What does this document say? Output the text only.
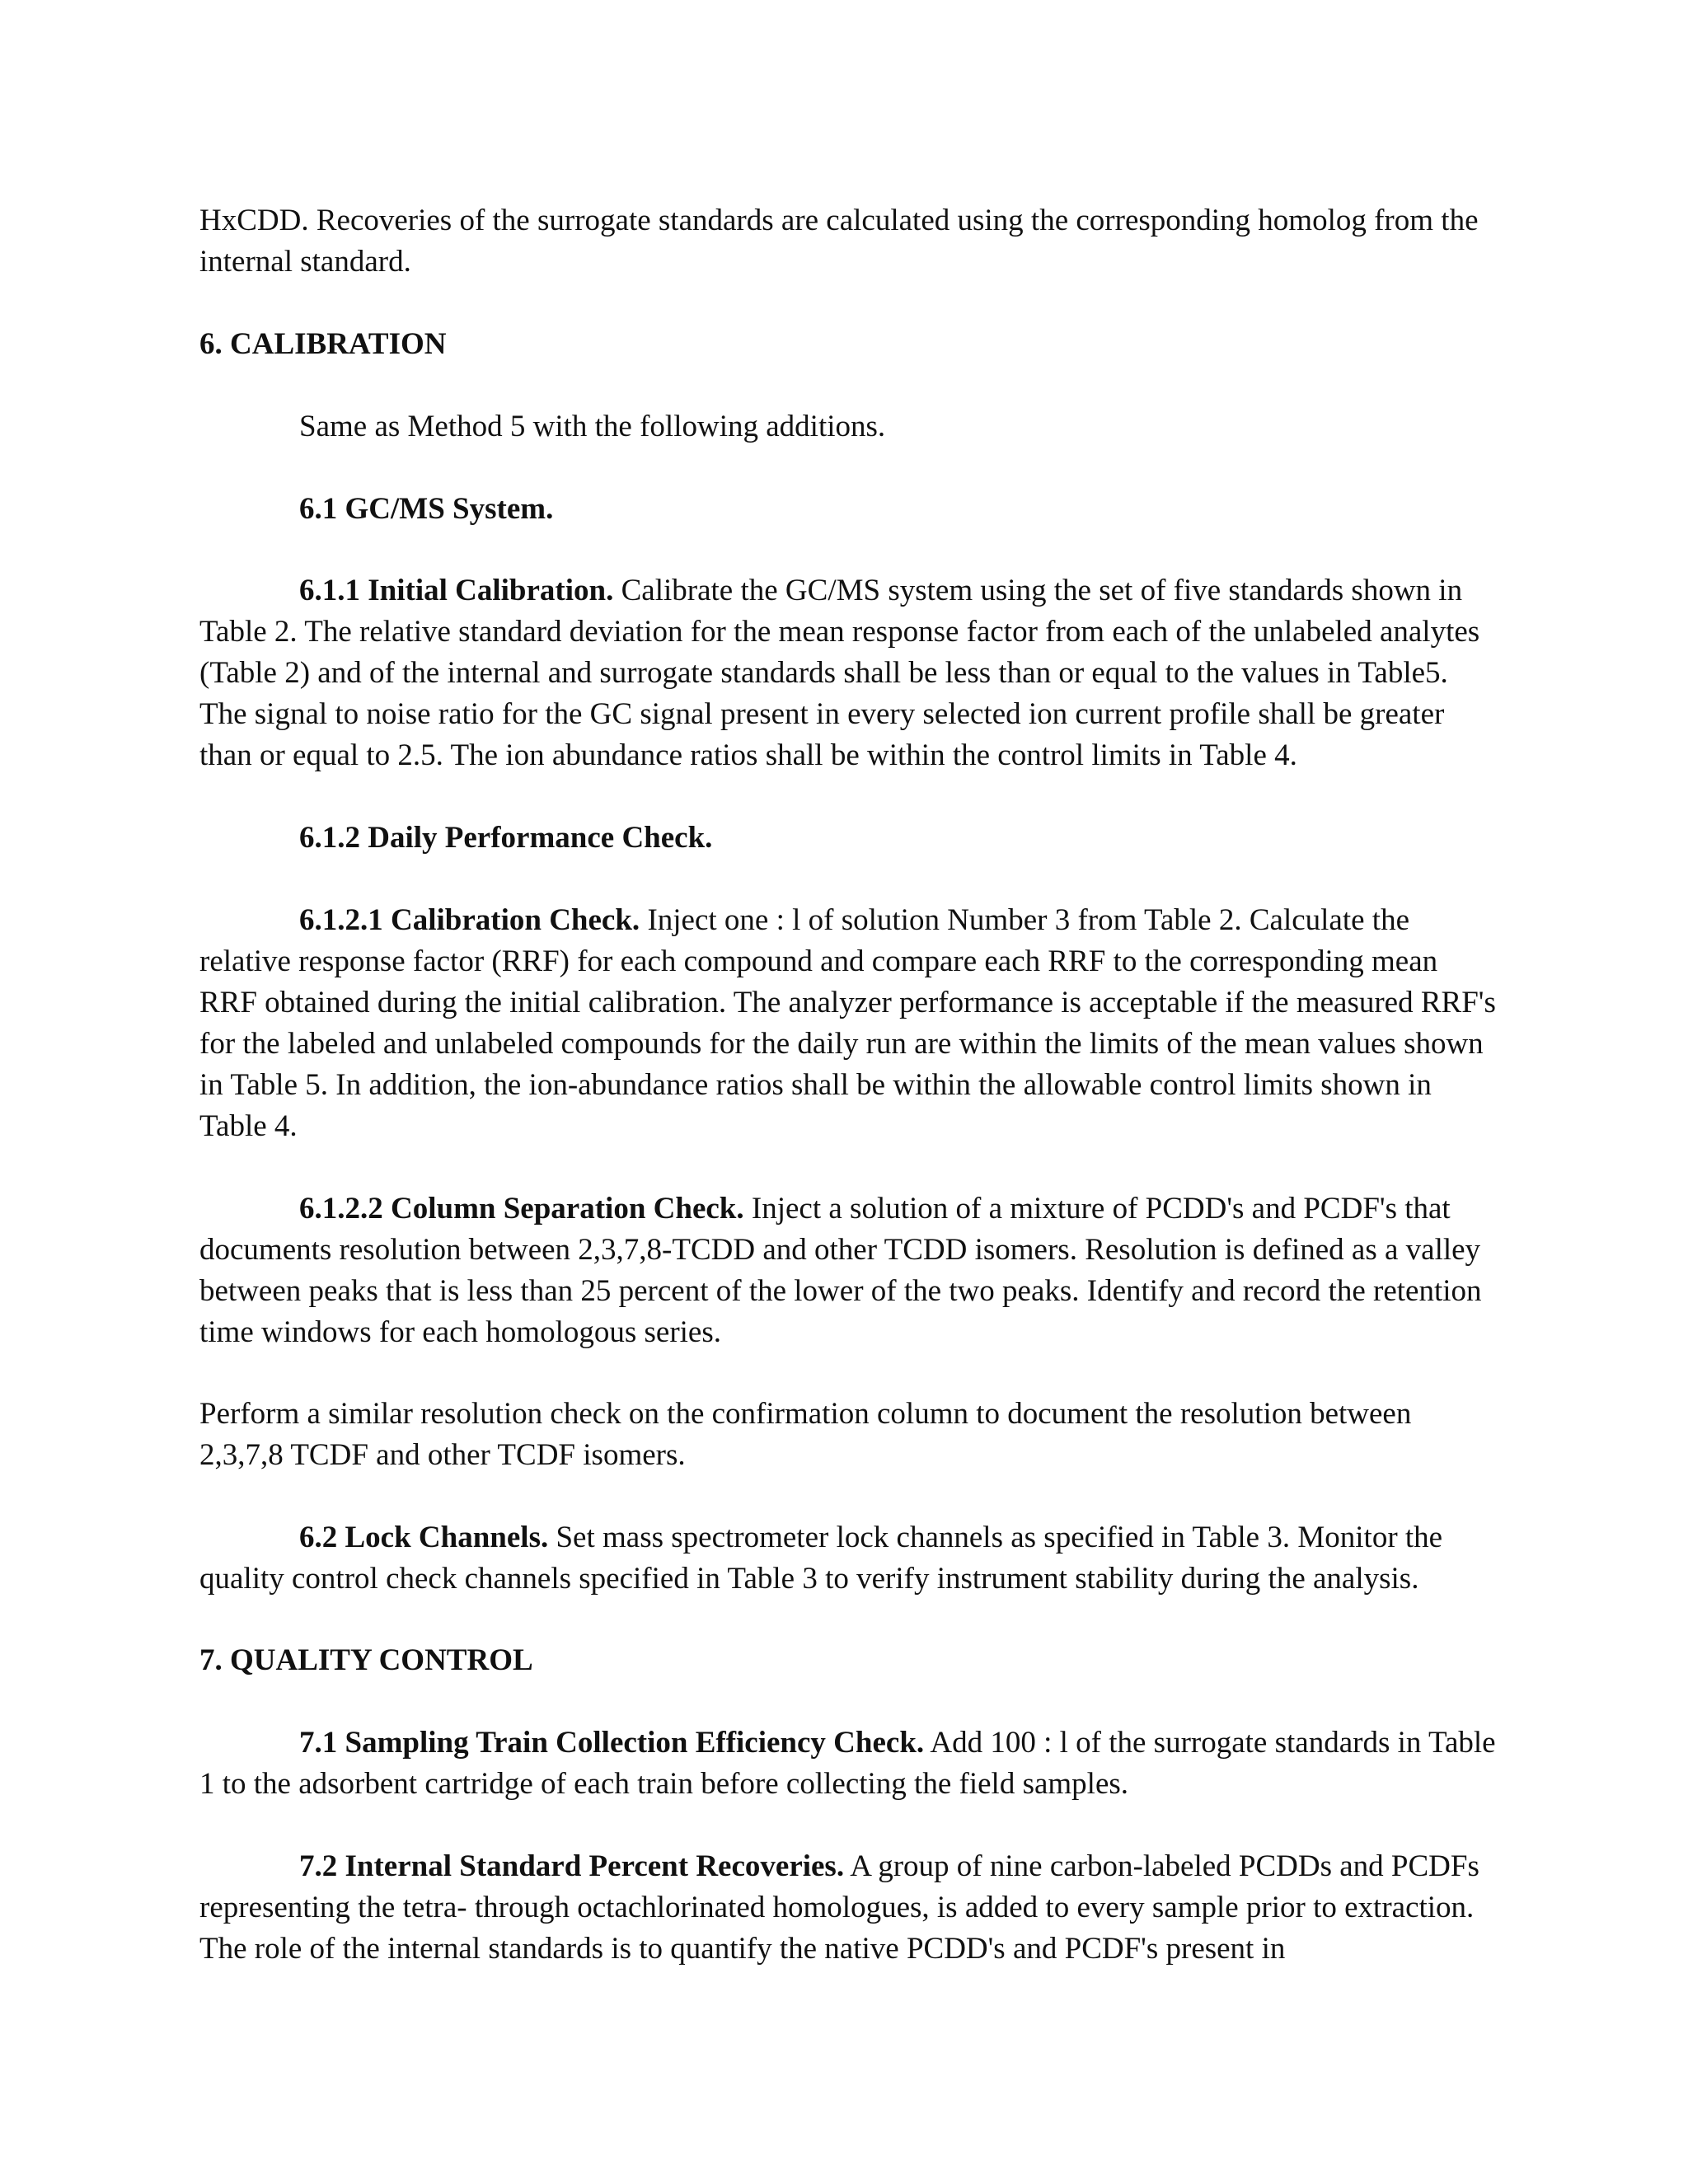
HxCDD. Recoveries of the surrogate standards are calculated using the corresponding homolog from the internal standard.

6. CALIBRATION

Same as Method 5 with the following additions.

6.1 GC/MS System.

6.1.1 Initial Calibration. Calibrate the GC/MS system using the set of five standards shown in Table 2. The relative standard deviation for the mean response factor from each of the unlabeled analytes (Table 2) and of the internal and surrogate standards shall be less than or equal to the values in Table5. The signal to noise ratio for the GC signal present in every selected ion current profile shall be greater than or equal to 2.5. The ion abundance ratios shall be within the control limits in Table 4.

6.1.2 Daily Performance Check.

6.1.2.1 Calibration Check. Inject one : l of solution Number 3 from Table 2. Calculate the relative response factor (RRF) for each compound and compare each RRF to the corresponding mean RRF obtained during the initial calibration. The analyzer performance is acceptable if the measured RRF's for the labeled and unlabeled compounds for the daily run are within the limits of the mean values shown in Table 5. In addition, the ion-abundance ratios shall be within the allowable control limits shown in Table 4.

6.1.2.2 Column Separation Check. Inject a solution of a mixture of PCDD's and PCDF's that documents resolution between 2,3,7,8-TCDD and other TCDD isomers. Resolution is defined as a valley between peaks that is less than 25 percent of the lower of the two peaks. Identify and record the retention time windows for each homologous series.

Perform a similar resolution check on the confirmation column to document the resolution between 2,3,7,8 TCDF and other TCDF isomers.

6.2 Lock Channels. Set mass spectrometer lock channels as specified in Table 3. Monitor the quality control check channels specified in Table 3 to verify instrument stability during the analysis.

7. QUALITY CONTROL

7.1 Sampling Train Collection Efficiency Check. Add 100 : l of the surrogate standards in Table 1 to the adsorbent cartridge of each train before collecting the field samples.

7.2 Internal Standard Percent Recoveries. A group of nine carbon-labeled PCDDs and PCDFs representing the tetra- through octachlorinated homologues, is added to every sample prior to extraction. The role of the internal standards is to quantify the native PCDD's and PCDF's present in
